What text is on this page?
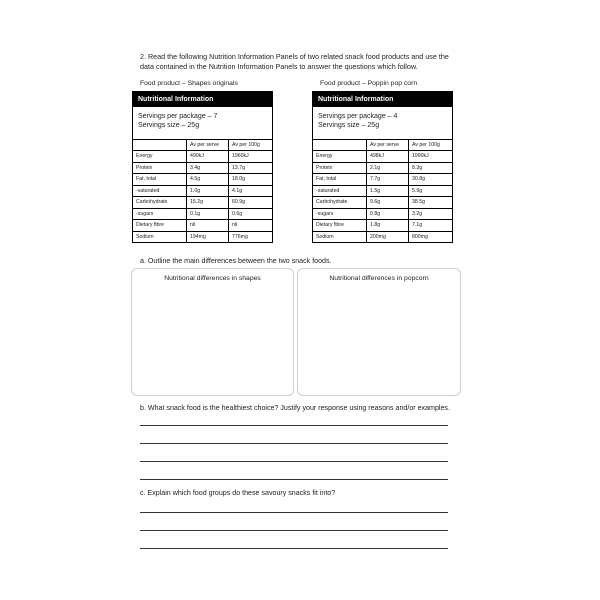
2. Read the following Nutrition Information Panels of two related snack food products and use the data contained in the Nutrition Information Panels to answer the questions which follow.
Food product – Shapes originals
Nutritional Information
Servings per package – 7
Servings size – 25g
	Av per serve	Av per 100g
Energy	490kJ	1960kJ
Protein	3.4g	13.7g
Fat, total	4.5g	18.0g
-saturated	1.0g	4.1g
Carbohydrate	15.2g	60.9g
-sugars	0.1g	0.6g
Dietary fibre	nil	nil
Sodium	194mg	776mg
Food product – Poppin pop corn
Nutritional Information
Servings per package – 4
Servings size – 25g
	Av per serve	Av per 100g
Energy	498kJ	1990kJ
Protein	2.1g	8.3g
Fat, total	7.7g	30.8g
-saturated	1.5g	5.9g
Carbohydrate	9.6g	38.5g
-sugars	0.8g	3.2g
Dietary fibre	1.8g	7.1g
Sodium	200mg	800mg
a. Outline the main differences between the two snack foods.
Nutritional differences in shapes	Nutritional differences in popcorn
b. What snack food is the healthiest choice? Justify your response using reasons and/or examples.
c. Explain which food groups do these savoury snacks fit into?
